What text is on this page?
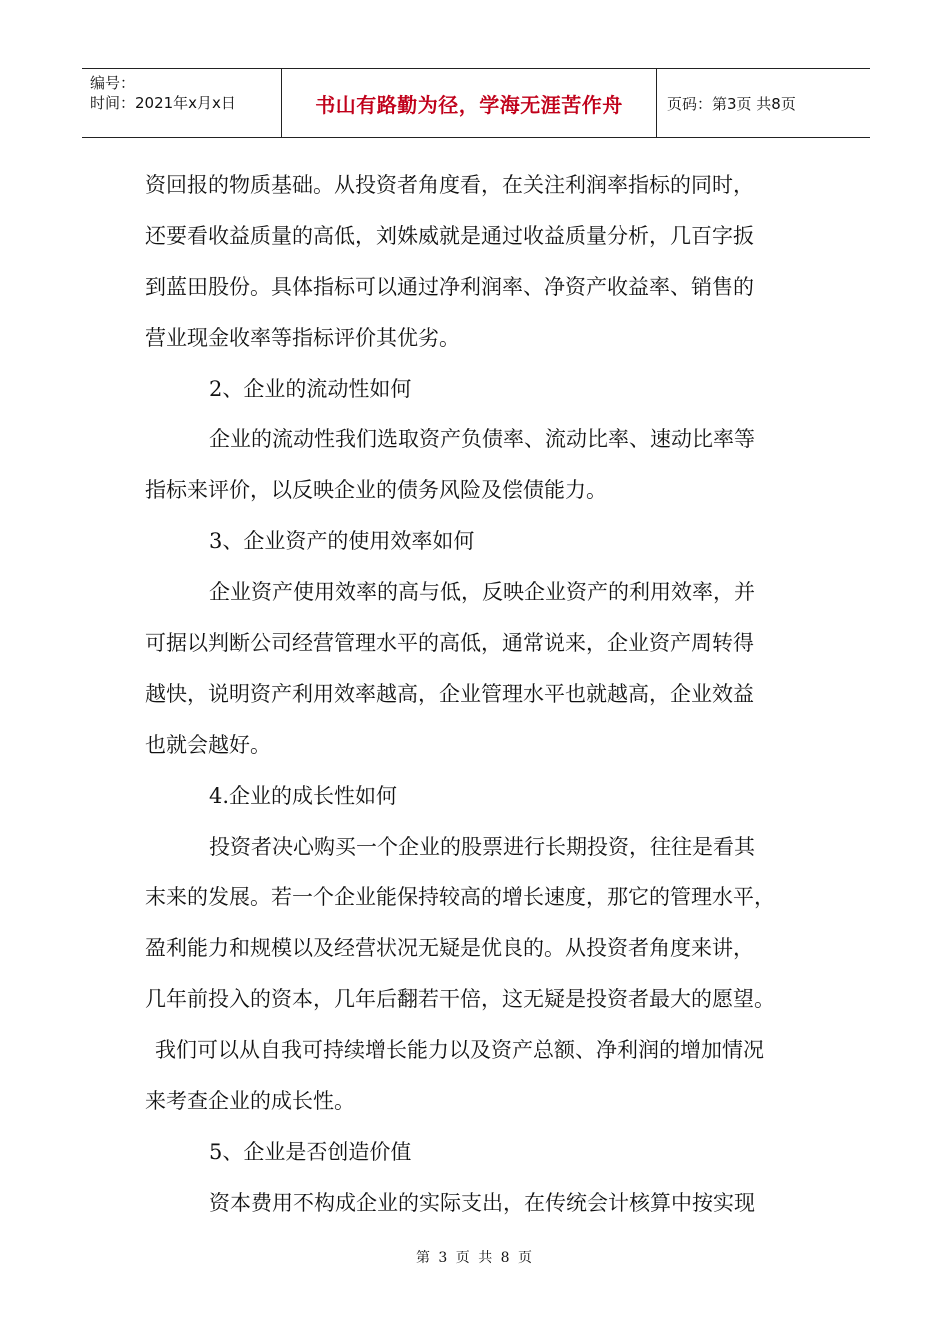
编号：
时间：2021年x月x日	书山有路勤为径，学海无涯苦作舟	页码：第3页 共8页
资回报的物质基础。从投资者角度看，在关注利润率指标的同时，
还要看收益质量的高低，刘姝威就是通过收益质量分析，几百字扳
到蓝田股份。具体指标可以通过净利润率、净资产收益率、销售的
营业现金收率等指标评价其优劣。
2、企业的流动性如何
企业的流动性我们选取资产负债率、流动比率、速动比率等
指标来评价，以反映企业的债务风险及偿债能力。
3、企业资产的使用效率如何
企业资产使用效率的高与低，反映企业资产的利用效率，并
可据以判断公司经营管理水平的高低，通常说来，企业资产周转得
越快，说明资产利用效率越高，企业管理水平也就越高，企业效益
也就会越好。
4.企业的成长性如何
投资者决心购买一个企业的股票进行长期投资，往往是看其
末来的发展。若一个企业能保持较高的增长速度，那它的管理水平，
盈利能力和规模以及经营状况无疑是优良的。从投资者角度来讲，
几年前投入的资本，几年后翻若干倍，这无疑是投资者最大的愿望。
我们可以从自我可持续增长能力以及资产总额、净利润的增加情况
来考查企业的成长性。
5、企业是否创造价值
资本费用不构成企业的实际支出，在传统会计核算中按实现
第 3 页 共 8 页
